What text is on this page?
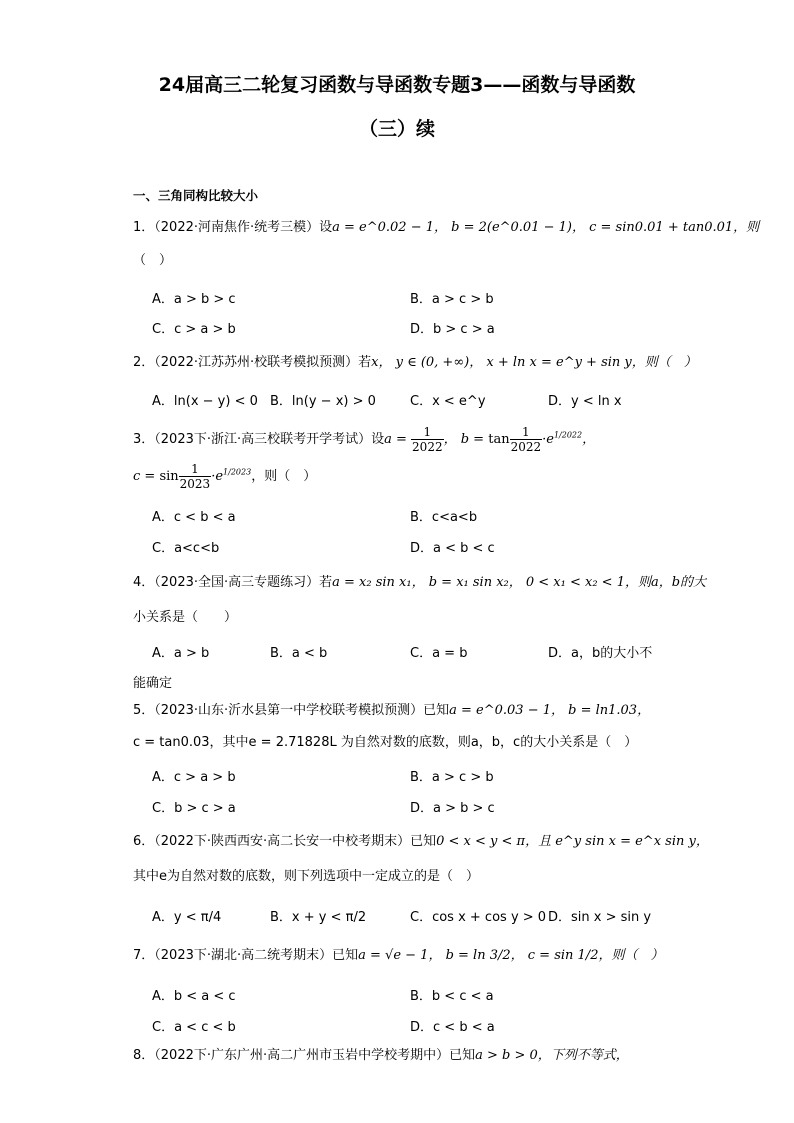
24届高三二轮复习函数与导函数专题3——函数与导函数
（三）续
一、三角同构比较大小
1．（2022·河南焦作·统考三模）设a = e^0.02 − 1， b = 2(e^0.01 − 1)， c = sin0.01 + tan0.01，则
（　）
A．a > b > c	B．a > c > b
C．c > a > b	D．b > c > a
2．（2022·江苏苏州·校联考模拟预测）若x， y ∈ (0, +∞)， x + ln x = e^y + sin y，则（　）
A．ln(x − y) < 0 B．ln(y − x) > 0	C．x < e^y	D．y < ln x
3．（2023下·浙江·高三校联考开学考试）设$a = \frac{1}{2022}$ ， $b = \tan \frac{1}{2022} \cdot e^{1/2022}$，
$c = \sin \frac{1}{2023} \cdot e^{1/2023}$，则（　）
A．c < b < a	B．c<a<b
C．a<c<b	D．a < b < c
4．（2023·全国·高三专题练习）若a = x₂ sin x₁， b = x₁ sin x₂， 0 < x₁ < x₂ < 1，则a，b的大
小关系是（　　）
A．a > b	B．a < b	C．a = b	D．a，b的大小不
能确定
5．（2023·山东·沂水县第一中学校联考模拟预测）已知a = e^0.03 − 1， b = ln1.03，
c = tan0.03，其中e = 2.71828L 为自然对数的底数，则a，b，c的大小关系是（　）
A．c > a > b	B．a > c > b
C．b > c > a	D．a > b > c
6．（2022下·陕西西安·高二长安一中校考期末）已知0 < x < y < π，且 e^y sin x = e^x sin y，
其中e为自然对数的底数，则下列选项中一定成立的是（　）
A．y < π/4	B．x + y < π/2	C．cos x + cos y > 0 D．sin x > sin y
7．（2023下·湖北·高二统考期末）已知a = √e − 1， b = ln 3/2， c = sin 1/2，则（　）
A．b < a < c	B．b < c < a
C．a < c < b	D．c < b < a
8．（2022下·广东广州·高二广州市玉岩中学校考期中）已知a > b > 0，下列不等式，
